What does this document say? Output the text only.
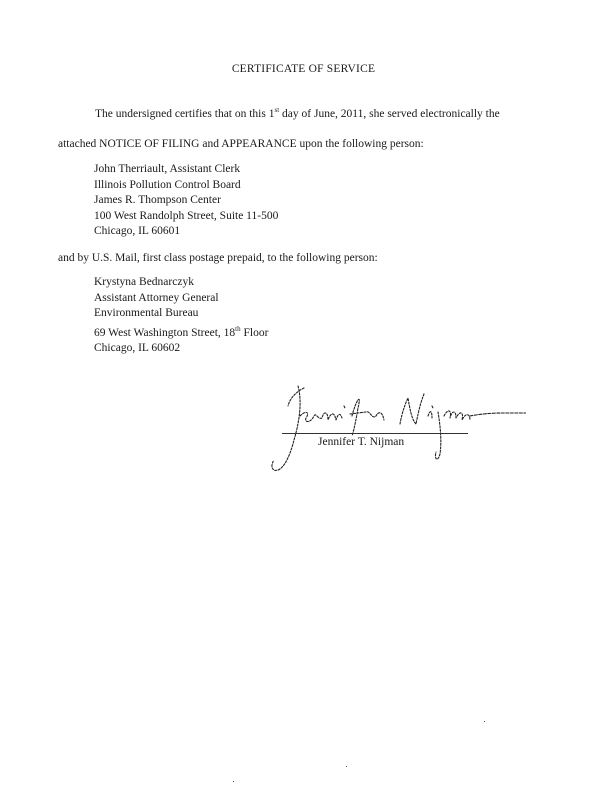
CERTIFICATE OF SERVICE
The undersigned certifies that on this 1st day of June, 2011, she served electronically the
attached NOTICE OF FILING and APPEARANCE upon the following person:
John Therriault, Assistant Clerk
Illinois Pollution Control Board
James R. Thompson Center
100 West Randolph Street, Suite 11-500
Chicago, IL 60601
and by U.S. Mail, first class postage prepaid, to the following person:
Krystyna Bednarczyk
Assistant Attorney General
Environmental Bureau
69 West Washington Street, 18th Floor
Chicago, IL 60602
Jennifer T. Nijman
